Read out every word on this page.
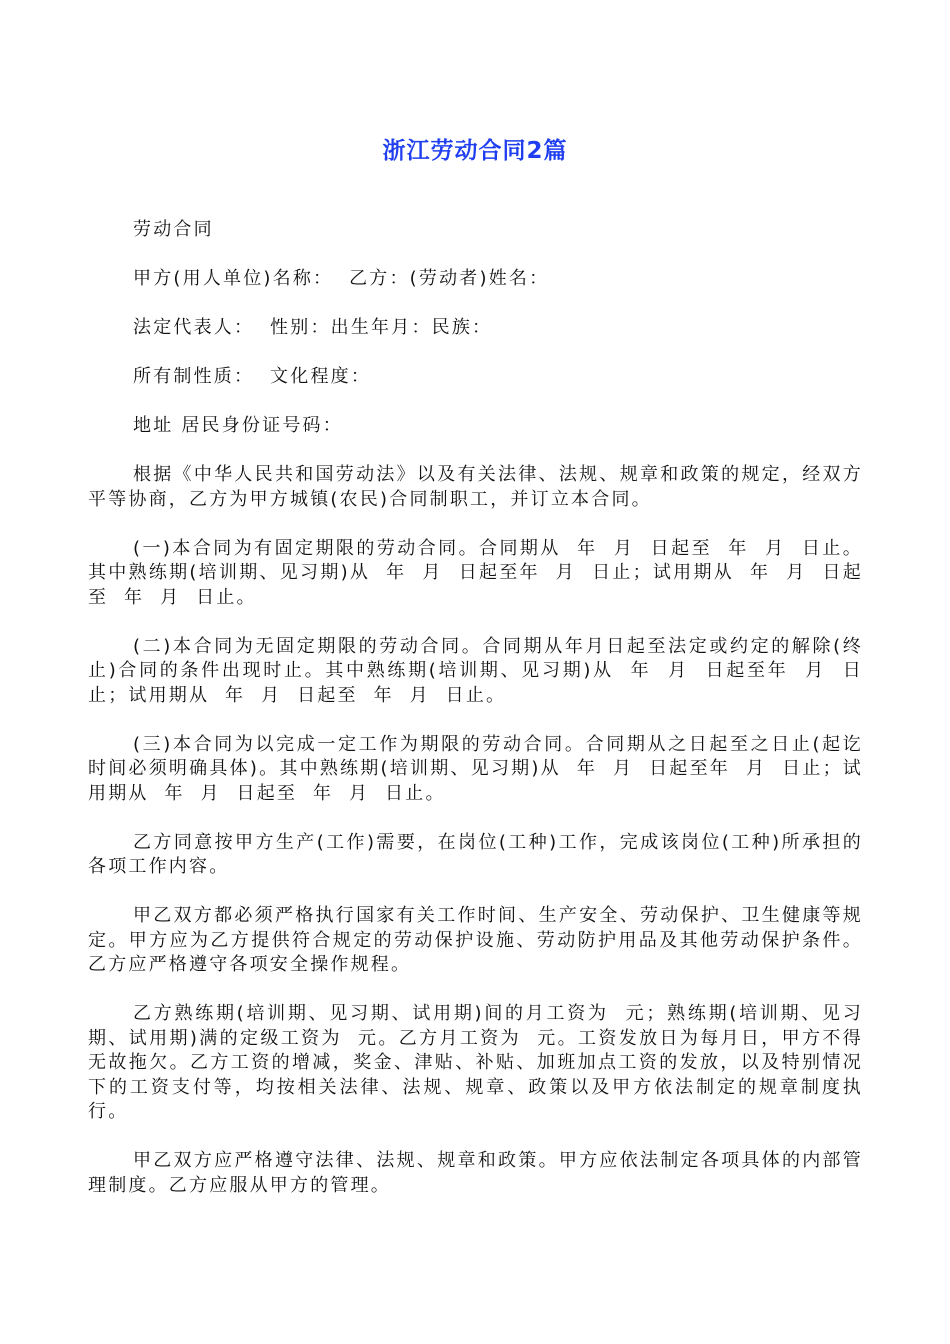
浙江劳动合同2篇

劳动合同

甲方(用人单位)名称：  乙方：(劳动者)姓名：

法定代表人：  性别：出生年月：民族：

所有制性质：  文化程度：

地址 居民身份证号码：

根据《中华人民共和国劳动法》以及有关法律、法规、规章和政策的规定，经双方平等协商，乙方为甲方城镇(农民)合同制职工，并订立本合同。

(一)本合同为有固定期限的劳动合同。合同期从  年  月  日起至  年  月  日止。其中熟练期(培训期、见习期)从  年  月  日起至年  月  日止；试用期从  年  月  日起至  年  月  日止。

(二)本合同为无固定期限的劳动合同。合同期从年月日起至法定或约定的解除(终止)合同的条件出现时止。其中熟练期(培训期、见习期)从  年  月  日起至年  月  日止；试用期从  年  月  日起至  年  月  日止。

(三)本合同为以完成一定工作为期限的劳动合同。合同期从之日起至之日止(起讫时间必须明确具体)。其中熟练期(培训期、见习期)从  年  月  日起至年  月  日止；试用期从  年  月  日起至  年  月  日止。

乙方同意按甲方生产(工作)需要，在岗位(工种)工作，完成该岗位(工种)所承担的各项工作内容。

甲乙双方都必须严格执行国家有关工作时间、生产安全、劳动保护、卫生健康等规定。甲方应为乙方提供符合规定的劳动保护设施、劳动防护用品及其他劳动保护条件。乙方应严格遵守各项安全操作规程。

乙方熟练期(培训期、见习期、试用期)间的月工资为  元；熟练期(培训期、见习期、试用期)满的定级工资为  元。乙方月工资为  元。工资发放日为每月日，甲方不得无故拖欠。乙方工资的增减，奖金、津贴、补贴、加班加点工资的发放，以及特别情况下的工资支付等，均按相关法律、法规、规章、政策以及甲方依法制定的规章制度执行。

甲乙双方应严格遵守法律、法规、规章和政策。甲方应依法制定各项具体的内部管理制度。乙方应服从甲方的管理。
